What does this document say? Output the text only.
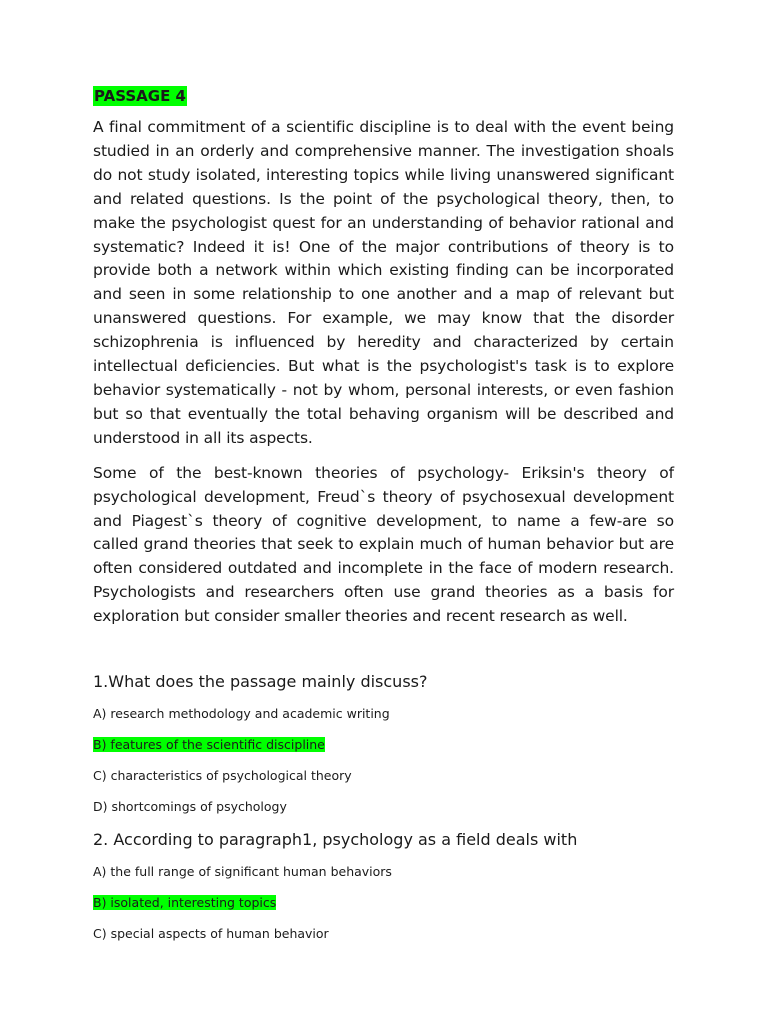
PASSAGE 4

A final commitment of a scientific discipline is to deal with the event being studied in an orderly and comprehensive manner. The investigation shoals do not study isolated, interesting topics while living unanswered significant and related questions. Is the point of the psychological theory, then, to make the psychologist quest for an understanding of behavior rational and systematic? Indeed it is! One of the major contributions of theory is to provide both a network within which existing finding can be incorporated and seen in some relationship to one another and a map of relevant but unanswered questions. For example, we may know that the disorder schizophrenia is influenced by heredity and characterized by certain intellectual deficiencies. But what is the psychologist's task is to explore behavior systematically - not by whom, personal interests, or even fashion but so that eventually the total behaving organism will be described and understood in all its aspects.

Some of the best-known theories of psychology- Eriksin's theory of psychological development, Freud`s theory of psychosexual development and Piagest`s theory of cognitive development, to name a few-are so called grand theories that seek to explain much of human behavior but are often considered outdated and incomplete in the face of modern research. Psychologists and researchers often use grand theories as a basis for exploration but consider smaller theories and recent research as well.

1.What does the passage mainly discuss?
A) research methodology and academic writing
B) features of the scientific discipline
C) characteristics of psychological theory
D) shortcomings of psychology
2. According to paragraph1, psychology as a field deals with
A) the full range of significant human behaviors
B) isolated, interesting topics
C) special aspects of human behavior
